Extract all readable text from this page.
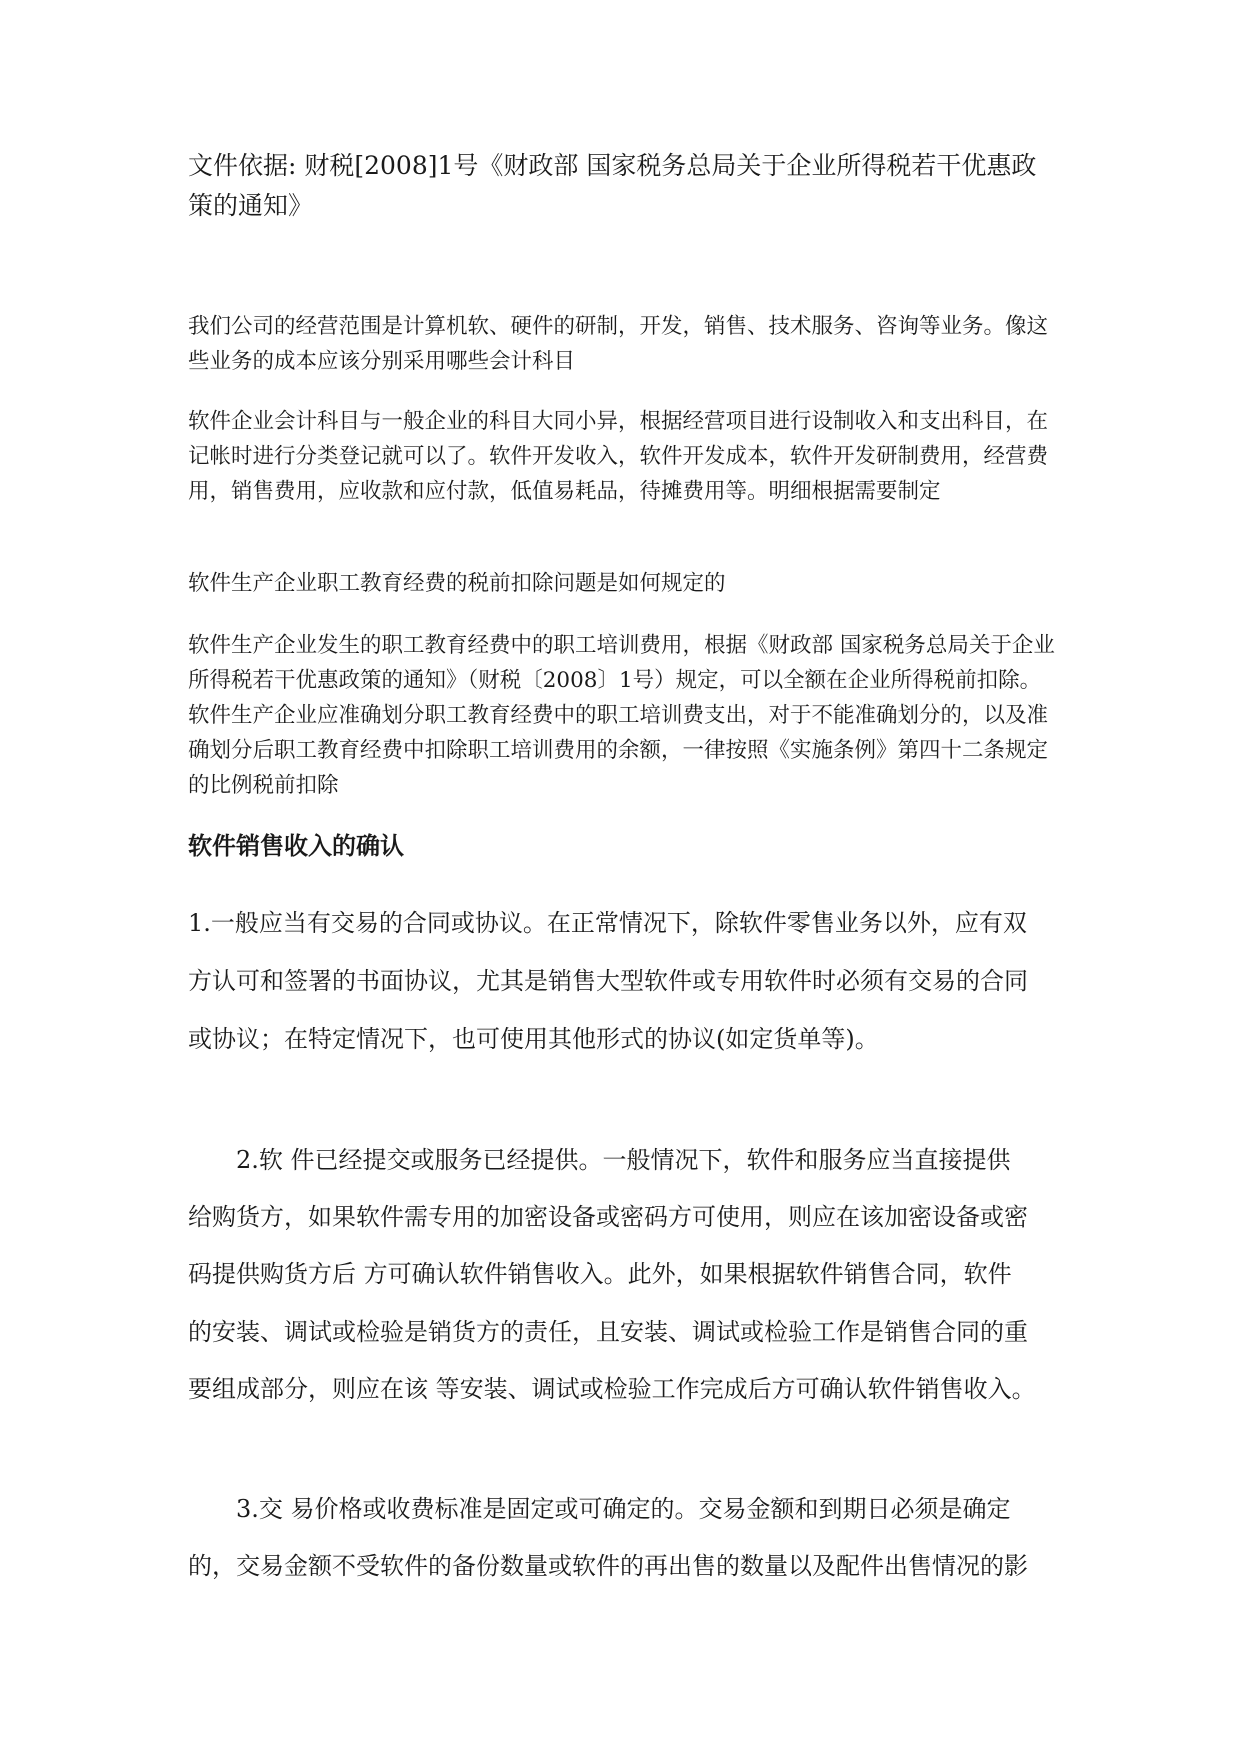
文件依据: 财税[2008]1号《财政部 国家税务总局关于企业所得税若干优惠政策的通知》

我们公司的经营范围是计算机软、硬件的研制，开发，销售、技术服务、咨询等业务。像这些业务的成本应该分别采用哪些会计科目

软件企业会计科目与一般企业的科目大同小异，根据经营项目进行设制收入和支出科目，在记帐时进行分类登记就可以了。软件开发收入，软件开发成本，软件开发研制费用，经营费用，销售费用，应收款和应付款，低值易耗品，待摊费用等。明细根据需要制定

软件生产企业职工教育经费的税前扣除问题是如何规定的

软件生产企业发生的职工教育经费中的职工培训费用，根据《财政部 国家税务总局关于企业所得税若干优惠政策的通知》（财税〔2008〕1号）规定，可以全额在企业所得税前扣除。软件生产企业应准确划分职工教育经费中的职工培训费支出，对于不能准确划分的，以及准确划分后职工教育经费中扣除职工培训费用的余额，一律按照《实施条例》第四十二条规定的比例税前扣除

软件销售收入的确认
1.一般应当有交易的合同或协议。在正常情况下，除软件零售业务以外，应有双
方认可和签署的书面协议，尤其是销售大型软件或专用软件时必须有交易的合同
或协议；在特定情况下，也可使用其他形式的协议(如定货单等)。
2.软 件已经提交或服务已经提供。一般情况下，软件和服务应当直接提供
给购货方，如果软件需专用的加密设备或密码方可使用，则应在该加密设备或密
码提供购货方后 方可确认软件销售收入。此外，如果根据软件销售合同，软件
的安装、调试或检验是销货方的责任，且安装、调试或检验工作是销售合同的重
要组成部分，则应在该 等安装、调试或检验工作完成后方可确认软件销售收入。
3.交 易价格或收费标准是固定或可确定的。交易金额和到期日必须是确定
的，交易金额不受软件的备份数量或软件的再出售的数量以及配件出售情况的影
